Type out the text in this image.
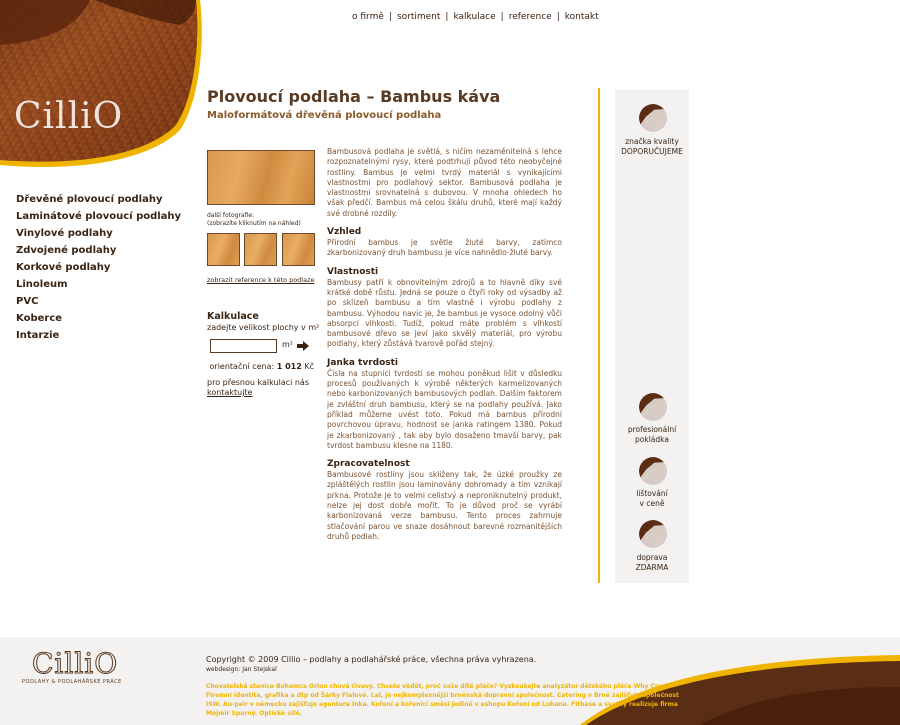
CilliO
o firmě | sortiment | kalkulace | reference | kontakt
Dřevěné plovoucí podlahy
Laminátové plovoucí podlahy
Vinylové podlahy
Zdvojené podlahy
Korkové podlahy
Linoleum
PVC
Koberce
Intarzie
Plovoucí podlaha – Bambus káva
Maloformátová dřevěná plovoucí podlaha
další fotografie:
(zobrazíte kliknutím na náhled)
zobrazit reference k této podlaze
Kalkulace
zadejte velikost plochy v m²
m²
orientační cena: 1 012 Kč
pro přesnou kalkulaci nás
kontaktujte

Bambusová podlaha je světlá, s ničím nezaměnitelná s lehce rozpoznatelnými rysy, které podtrhují původ této neobyčejné rostliny. Bambus je velmi tvrdý materiál s vynikajícími vlastnostmi pro podlahový sektor. Bambusová podlaha je vlastnostmi srovnatelná s dubovou. V mnoha ohledech ho však předčí. Bambus má celou škálu druhů, které mají každý své drobné rozdíly.

Vzhled

Přírodní bambus je světle žluté barvy, zatímco zkarbonizovaný druh bambusu je více nahnědlo-žluté barvy.

Vlastnosti

Bambusy patří k obnovitelným zdrojů a to hlavně díky své krátké době růstu. Jedná se pouze o čtyři roky od výsadby až po sklizeň bambusu a tím vlastně i výrobu podlahy z bambusu. Výhodou navíc je, že bambus je vysoce odolný vůči absorpci vlhkosti. Tudíž, pokud máte problém s vlhkostí bambusové dřevo se jeví jako skvělý materiál, pro výrobu podlahy, který zůstává tvarově pořád stejný.

Janka tvrdosti

Čísla na stupnici tvrdosti se mohou poněkud lišit v důsledku procesů používaných k výrobě některých karmelizovaných nebo karbonizovaných bambusových podlah. Dalším faktorem je zvláštní druh bambusu, který se na podlahy používá. Jako příklad můžeme uvést toto. Pokud má bambus přírodní povrchovou úpravu, hodnost se janka ratingem 1380. Pokud je zkarbonizovaný , tak aby bylo dosaženo tmavší barvy, pak tvrdost bambusu klesne na 1180.

Zpracovatelnost

Bambusové rostliny jsou skliženy tak, že úzké proužky ze zpláštělých rostlin jsou laminovány dohromady a tím vznikají prkna. Protože je to velmi celistvý a neproniknutelný produkt, nelze jej dost dobře mořit. To je důvod proč se vyrábí karbonizovaná verze bambusu. Tento proces zahrnuje stlačování parou ve snaze dosáhnout barevné rozmanitějších druhů podlah.

značka kvality
DOPORUČUJEME
profesionální
pokládka
lištování
v ceně
doprava
ZDARMA
CilliO
PODLAHY & PODLAHÁŘSKÉ PRÁCE
Copyright © 2009 Cillio – podlahy a podlahářské práce, všechna práva vyhrazena.
webdesign: Jan Stejskal
Chovatelská stanice Bohemca Orion chová čivavy. Chcete vědět, proč vaše dítě pláče? Vyzkoušejte analyzátor dětského pláče Why Cry. Firemní identita, grafika a dtp od Šárky Fialové. Lal, je nejkomplexnější brněnská dopravní společnost. Catering v Brně zajišťuje společnost ISW. Au-pair v německu zajišťuje agentura Inka. Koření a kořenící směsi jedině v eshopu Koření od Lubana. Fitbase a svatby realizuje firma Mojmír Spurný. Optické sítě.
